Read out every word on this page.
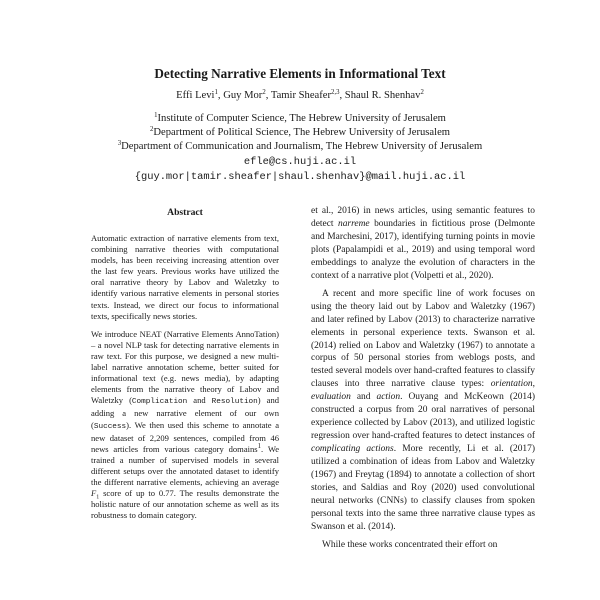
Detecting Narrative Elements in Informational Text
Effi Levi$^1$, Guy Mor$^2$, Tamir Sheafer$^{2,3}$, Shaul R. Shenhav$^2$
$^1$Institute of Computer Science, The Hebrew University of Jerusalem
$^2$Department of Political Science, The Hebrew University of Jerusalem
$^3$Department of Communication and Journalism, The Hebrew University of Jerusalem
efle@cs.huji.ac.il
{guy.mor|tamir.sheafer|shaul.shenhav}@mail.huji.ac.il
Abstract

Automatic extraction of narrative elements from text, combining narrative theories with computational models, has been receiving increasing attention over the last few years. Previous works have utilized the oral narrative theory by Labov and Waletzky to identify various narrative elements in personal stories texts. Instead, we direct our focus to informational texts, specifically news stories.

We introduce NEAT (Narrative Elements AnnoTation) – a novel NLP task for detecting narrative elements in raw text. For this purpose, we designed a new multi-label narrative annotation scheme, better suited for informational text (e.g. news media), by adapting elements from the narrative theory of Labov and Waletzky (Complication and Resolution) and adding a new narrative element of our own (Success). We then used this scheme to annotate a new dataset of 2,209 sentences, compiled from 46 news articles from various category domains$^1$. We trained a number of supervised models in several different setups over the annotated dataset to identify the different narrative elements, achieving an average $F_1$ score of up to 0.77. The results demonstrate the holistic nature of our annotation scheme as well as its robustness to domain category.

et al., 2016) in news articles, using semantic features to detect narreme boundaries in fictitious prose (Delmonte and Marchesini, 2017), identifying turning points in movie plots (Papalampidi et al., 2019) and using temporal word embeddings to analyze the evolution of characters in the context of a narrative plot (Volpetti et al., 2020).

A recent and more specific line of work focuses on using the theory laid out by Labov and Waletzky (1967) and later refined by Labov (2013) to characterize narrative elements in personal experience texts. Swanson et al. (2014) relied on Labov and Waletzky (1967) to annotate a corpus of 50 personal stories from weblogs posts, and tested several models over hand-crafted features to classify clauses into three narrative clause types: orientation, evaluation and action. Ouyang and McKeown (2014) constructed a corpus from 20 oral narratives of personal experience collected by Labov (2013), and utilized logistic regression over hand-crafted features to detect instances of complicating actions. More recently, Li et al. (2017) utilized a combination of ideas from Labov and Waletzky (1967) and Freytag (1894) to annotate a collection of short stories, and Saldias and Roy (2020) used convolutional neural networks (CNNs) to classify clauses from spoken personal texts into the same three narrative clause types as Swanson et al. (2014).

While these works concentrated their effort on
